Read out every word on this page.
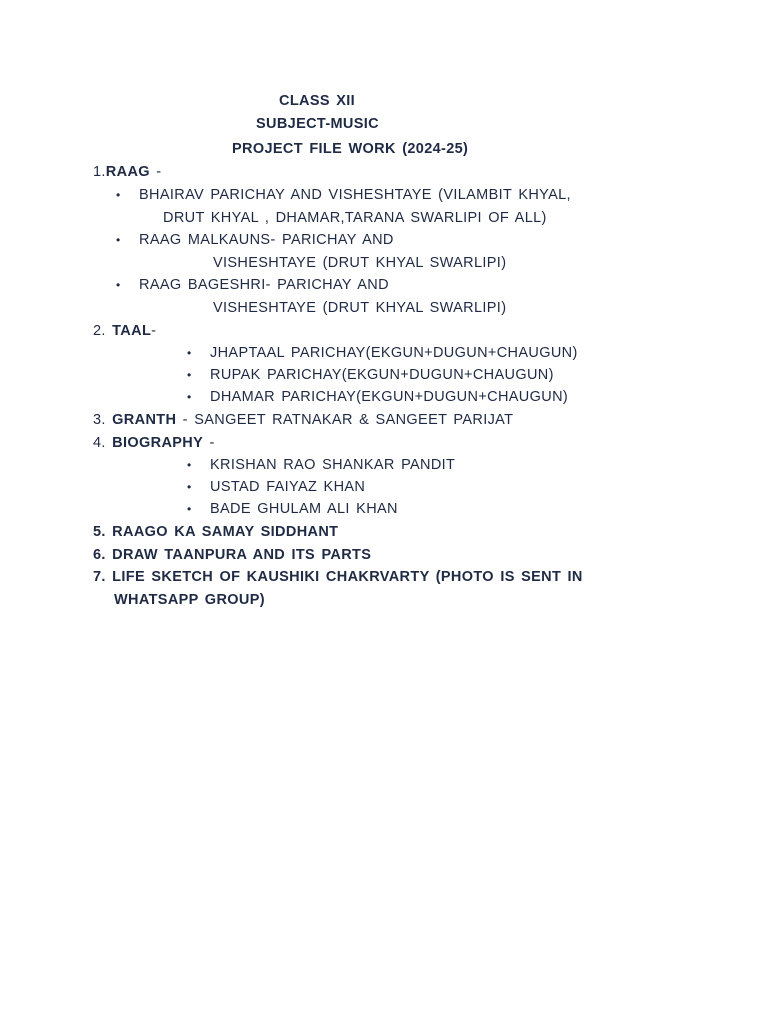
CLASS XII
SUBJECT-MUSIC
PROJECT FILE WORK (2024-25)
1.RAAG -
• BHAIRAV PARICHAY AND VISHESHTAYE (VILAMBIT KHYAL,
DRUT KHYAL , DHAMAR,TARANA SWARLIPI OF ALL)
• RAAG MALKAUNS- PARICHAY AND
VISHESHTAYE (DRUT KHYAL SWARLIPI)
• RAAG BAGESHRI- PARICHAY AND
VISHESHTAYE (DRUT KHYAL SWARLIPI)
2. TAAL-
• JHAPTAAL PARICHAY(EKGUN+DUGUN+CHAUGUN)
• RUPAK PARICHAY(EKGUN+DUGUN+CHAUGUN)
• DHAMAR PARICHAY(EKGUN+DUGUN+CHAUGUN)
3. GRANTH - SANGEET RATNAKAR & SANGEET PARIJAT
4. BIOGRAPHY -
• KRISHAN RAO SHANKAR PANDIT
• USTAD FAIYAZ KHAN
• BADE GHULAM ALI KHAN
5. RAAGO KA SAMAY SIDDHANT
6. DRAW TAANPURA AND ITS PARTS
7. LIFE SKETCH OF KAUSHIKI CHAKRVARTY (PHOTO IS SENT IN
WHATSAPP GROUP)
